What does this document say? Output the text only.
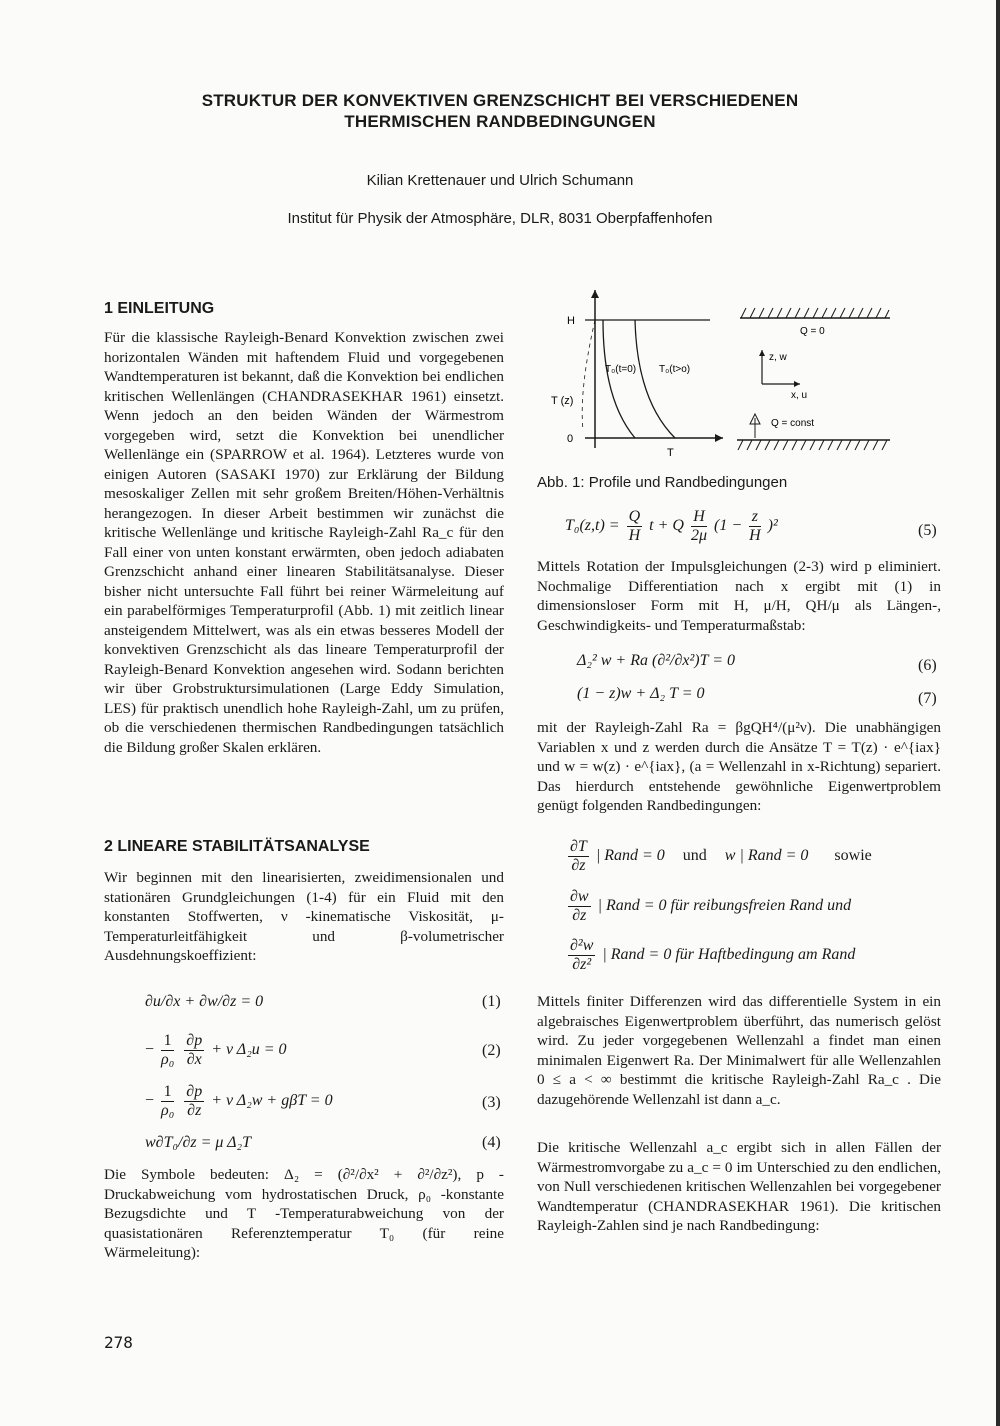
STRUKTUR DER KONVEKTIVEN GRENZSCHICHT BEI VERSCHIEDENEN
THERMISCHEN RANDBEDINGUNGEN
Kilian Krettenauer und Ulrich Schumann
Institut für Physik der Atmosphäre, DLR, 8031 Oberpfaffenhofen
1 EINLEITUNG

Für die klassische Rayleigh-Benard Konvektion zwischen zwei horizontalen Wänden mit haftendem Fluid und vorgegebenen Wandtemperaturen ist bekannt, daß die Konvektion bei endlichen kritischen Wellenlängen (CHANDRASEKHAR 1961) einsetzt. Wenn jedoch an den beiden Wänden der Wärmestrom vorgegeben wird, setzt die Konvektion bei unendlicher Wellenlänge ein (SPARROW et al. 1964). Letzteres wurde von einigen Autoren (SASAKI 1970) zur Erklärung der Bildung mesoskaliger Zellen mit sehr großem Breiten/Höhen-Verhältnis herangezogen. In dieser Arbeit bestimmen wir zunächst die kritische Wellenlänge und kritische Rayleigh-Zahl Ra_c für den Fall einer von unten konstant erwärmten, oben jedoch adiabaten Grenzschicht anhand einer linearen Stabilitätsanalyse. Dieser bisher nicht untersuchte Fall führt bei reiner Wärmeleitung auf ein parabelförmiges Temperaturprofil (Abb. 1) mit zeitlich linear ansteigendem Mittelwert, was als ein etwas besseres Modell der konvektiven Grenzschicht als das lineare Temperaturprofil der Rayleigh-Benard Konvektion angesehen wird. Sodann berichten wir über Grobstruktursimulationen (Large Eddy Simulation, LES) für praktisch unendlich hohe Rayleigh-Zahl, um zu prüfen, ob die verschiedenen thermischen Randbedingungen tatsächlich die Bildung großer Skalen erklären.

2 LINEARE STABILITÄTSANALYSE

Wir beginnen mit den linearisierten, zweidimensionalen und stationären Grundgleichungen (1-4) für ein Fluid mit den konstanten Stoffwerten, ν -kinematische Viskosität, μ-Temperaturleitfähigkeit und β-volumetrischer Ausdehnungskoeffizient:

∂u/∂x + ∂w/∂z = 0	(1)
− $\frac{1}{\text{ρ₀}}$
$\frac{\partial p}{\partial x} + \nu$ Δ₂u = 0	(2)
− $\frac{1}{\text{ρ₀}}$
$\frac{\partial p}{\partial z} + \nu$ Δ₂w + gβT = 0	(3)
w∂T₀/∂z = μ Δ₂T	(4)

Die Symbole bedeuten: Δ₂ = (∂²/∂x² + ∂²/∂z²), p -Druckabweichung vom hydrostatischen Druck, ρ₀ -konstante Bezugsdichte und T -Temperaturabweichung von der quasistationären Referenztemperatur T₀ (für reine Wärmeleitung):

278
H
T (z)
0
T
T₀(t=0) T₀(t>o)
Q = 0
z, w
x, u
Q = const
Abb. 1: Profile und Randbedingungen
$T_0(z,t) = \frac{Q}{H}$ t + Q $\frac{H}{2\mu} (1 - \frac{z}{H} )^2$	(5)

Mittels Rotation der Impulsgleichungen (2-3) wird p eliminiert. Nochmalige Differentiation nach x ergibt mit (1) in dimensionsloser Form mit H, μ/H, QH/μ als Längen-, Geschwindigkeits- und Temperaturmaßstab:

Δ₂² w + Ra (∂²/∂x²)T = 0	(6)
(1 − z)w + Δ₂ T = 0	(7)

mit der Rayleigh-Zahl Ra = βgQH⁴/(μ²ν). Die unabhängigen Variablen x und z werden durch die Ansätze T = T(z) · e^{iax} und w = w(z) · e^{iax}, (a = Wellenzahl in x-Richtung) separiert. Das hierdurch entstehende gewöhnliche Eigenwertproblem genügt folgenden Randbedingungen:

$\frac{\partial T}{\partial z}$ | Rand = 0 und w | Rand = 0 sowie
$\frac{\partial w}{\partial z}$ | Rand = 0 für reibungsfreien Rand und
$\frac{\text{∂²w}}{\text{∂z²}}$ | Rand = 0 für Haftbedingung am Rand

Mittels finiter Differenzen wird das differentielle System in ein algebraisches Eigenwertproblem überführt, das numerisch gelöst wird. Zu jeder vorgegebenen Wellenzahl a findet man einen minimalen Eigenwert Ra. Der Minimalwert für alle Wellenzahlen 0 ≤ a < ∞ bestimmt die kritische Rayleigh-Zahl Ra_c . Die dazugehörende Wellenzahl ist dann a_c.

Die kritische Wellenzahl a_c ergibt sich in allen Fällen der Wärmestromvorgabe zu a_c = 0 im Unterschied zu den endlichen, von Null verschiedenen kritischen Wellenzahlen bei vorgegebener Wandtemperatur (CHANDRASEKHAR 1961). Die kritischen Rayleigh-Zahlen sind je nach Randbedingung:
